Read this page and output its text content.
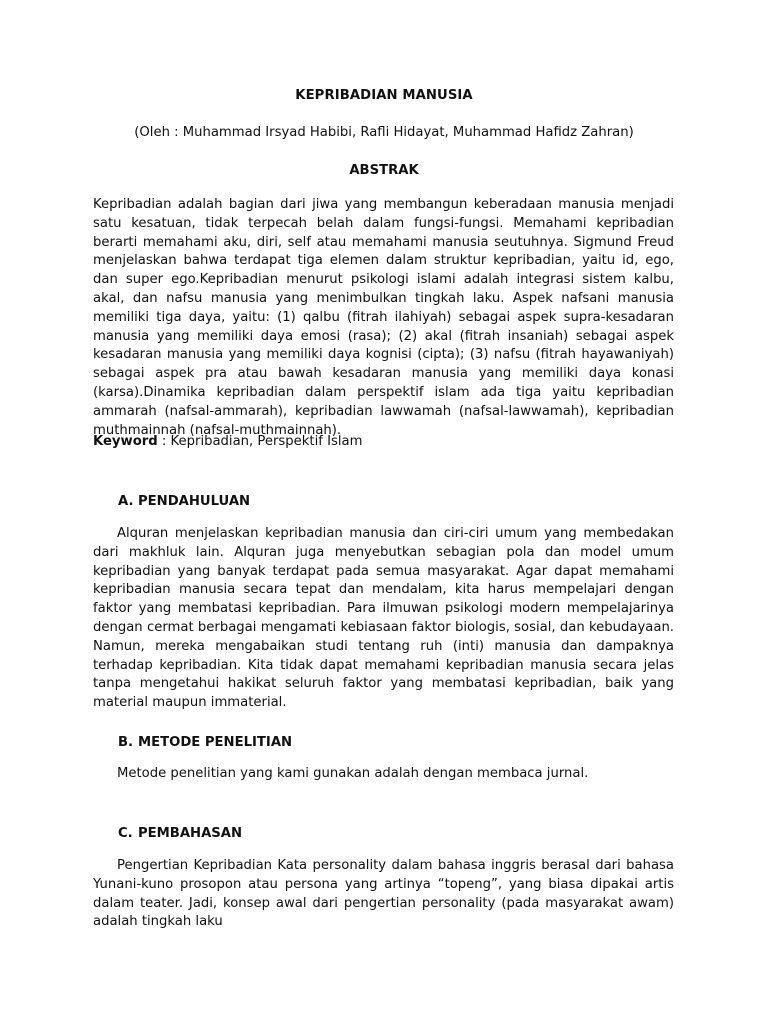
KEPRIBADIAN MANUSIA
(Oleh : Muhammad Irsyad Habibi, Rafli Hidayat, Muhammad Hafidz Zahran)
ABSTRAK

Kepribadian adalah bagian dari jiwa yang membangun keberadaan manusia menjadi satu kesatuan, tidak terpecah belah dalam fungsi-fungsi. Memahami kepribadian berarti memahami aku, diri, self atau memahami manusia seutuhnya. Sigmund Freud menjelaskan bahwa terdapat tiga elemen dalam struktur kepribadian, yaitu id, ego, dan super ego.Kepribadian menurut psikologi islami adalah integrasi sistem kalbu, akal, dan nafsu manusia yang menimbulkan tingkah laku. Aspek nafsani manusia memiliki tiga daya, yaitu: (1) qalbu (fitrah ilahiyah) sebagai aspek supra-kesadaran manusia yang memiliki daya emosi (rasa); (2) akal (fitrah insaniah) sebagai aspek kesadaran manusia yang memiliki daya kognisi (cipta); (3) nafsu (fitrah hayawaniyah) sebagai aspek pra atau bawah kesadaran manusia yang memiliki daya konasi (karsa).Dinamika kepribadian dalam perspektif islam ada tiga yaitu kepribadian ammarah (nafsal-ammarah), kepribadian lawwamah (nafsal-lawwamah), kepribadian muthmainnah (nafsal-muthmainnah).

Keyword : Kepribadian, Perspektif Islam

A. PENDAHULUAN

Alquran menjelaskan kepribadian manusia dan ciri-ciri umum yang membedakan dari makhluk lain. Alquran juga menyebutkan sebagian pola dan model umum kepribadian yang banyak terdapat pada semua masyarakat. Agar dapat memahami kepribadian manusia secara tepat dan mendalam, kita harus mempelajari dengan faktor yang membatasi kepribadian. Para ilmuwan psikologi modern mempelajarinya dengan cermat berbagai mengamati kebiasaan faktor biologis, sosial, dan kebudayaan. Namun, mereka mengabaikan studi tentang ruh (inti) manusia dan dampaknya terhadap kepribadian. Kita tidak dapat memahami kepribadian manusia secara jelas tanpa mengetahui hakikat seluruh faktor yang membatasi kepribadian, baik yang material maupun immaterial.

B. METODE PENELITIAN

Metode penelitian yang kami gunakan adalah dengan membaca jurnal.

C. PEMBAHASAN

Pengertian Kepribadian Kata personality dalam bahasa inggris berasal dari bahasa Yunani-kuno prosopon atau persona yang artinya “topeng”, yang biasa dipakai artis dalam teater. Jadi, konsep awal dari pengertian personality (pada masyarakat awam) adalah tingkah laku
